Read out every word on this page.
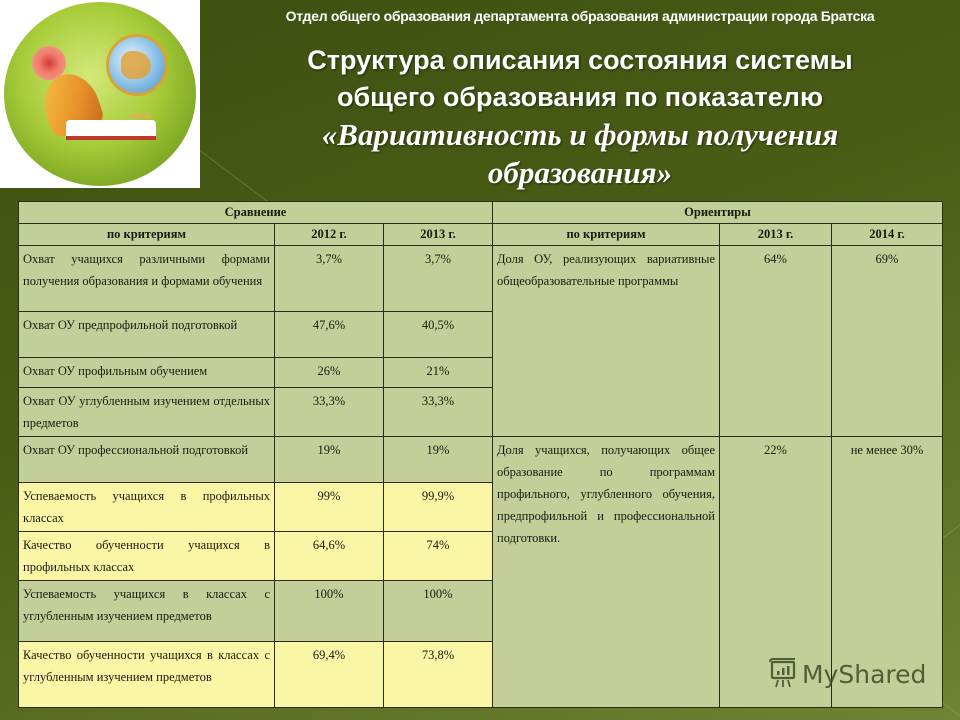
Отдел общего образования департамента образования администрации города Братска
Структура описания состояния системы
общего образования по показателю
«Вариативность и формы получения
образования»
Сравнение			Ориентиры		
по критериям	2012 г.	2013 г.	по критериям	2013 г.	2014 г.
Охват учащихся различными формами получения образования и формами обучения	3,7%	3,7%	Доля ОУ, реализующих вариативные общеобразовательные программы	64%	69%
Охват ОУ предпрофильной подготовкой	47,6%	40,5%			
Охват ОУ профильным обучением	26%	21%			
Охват ОУ углубленным изучением отдельных предметов	33,3%	33,3%			
Охват ОУ профессиональной подготовкой	19%	19%	Доля учащихся, получающих общее образование по программам профильного, углубленного обучения, предпрофильной и профессиональной подготовки.	22%	не менее 30%
Успеваемость учащихся в профильных классах	99%	99,9%			
Качество обученности учащихся в профильных классах	64,6%	74%			
Успеваемость учащихся в классах с углубленным изучением предметов	100%	100%			
Качество обученности учащихся в классах с углубленным изучением предметов	69,4%	73,8%			
MyShared
